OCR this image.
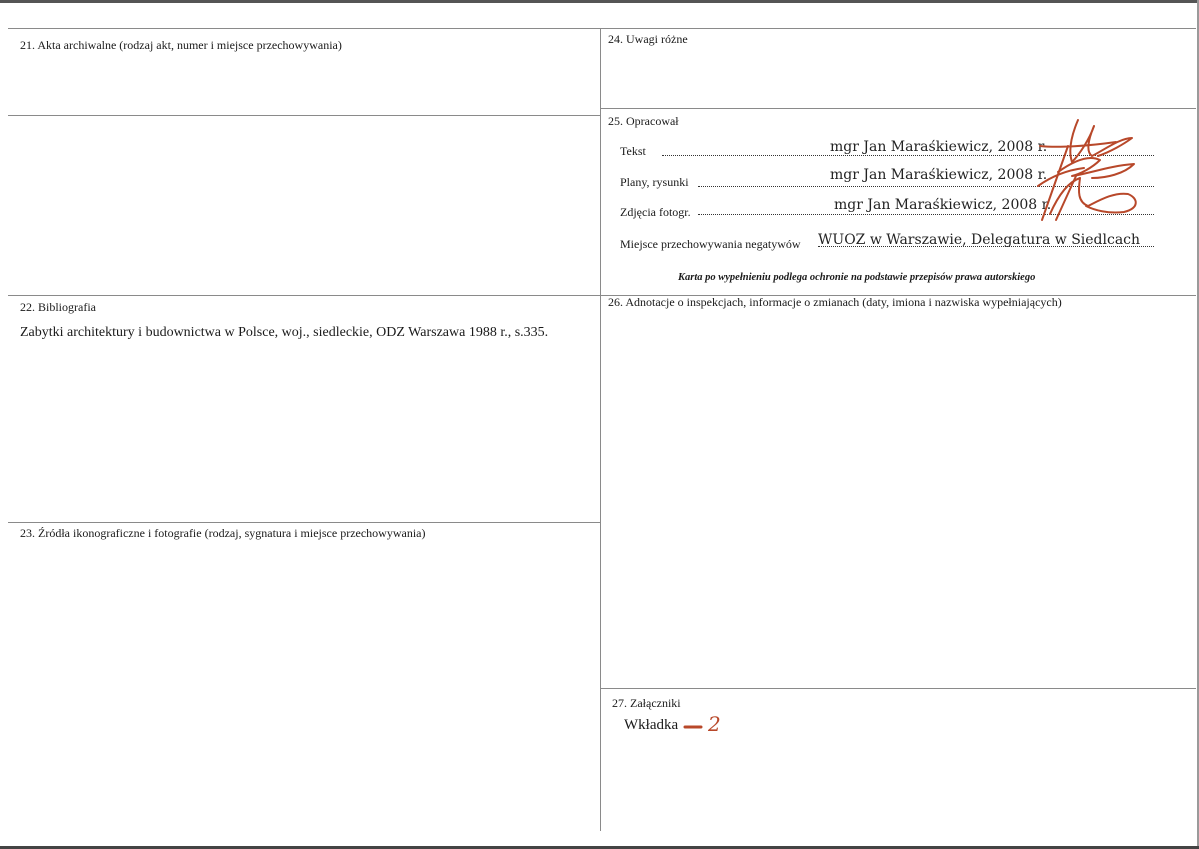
21. Akta archiwalne (rodzaj akt, numer i miejsce przechowywania)
22. Bibliografia
Zabytki architektury i budownictwa w Polsce, woj., siedleckie, ODZ Warszawa 1988 r., s.335.
23. Źródła ikonograficzne i fotografie (rodzaj, sygnatura i miejsce przechowywania)
24. Uwagi różne
25. Opracował
Tekst	mgr Jan Maraśkiewicz, 2008 r.
Plany, rysunki	mgr Jan Maraśkiewicz, 2008 r.
Zdjęcia fotogr.	mgr Jan Maraśkiewicz, 2008 r.
Miejsce przechowywania negatywów WUOZ w Warszawie, Delegatura w Siedlcach
Karta po wypełnieniu podlega ochronie na podstawie przepisów prawa autorskiego
26. Adnotacje o inspekcjach, informacje o zmianach (daty, imiona i nazwiska wypełniających)
27. Załączniki
Wkładka 2
